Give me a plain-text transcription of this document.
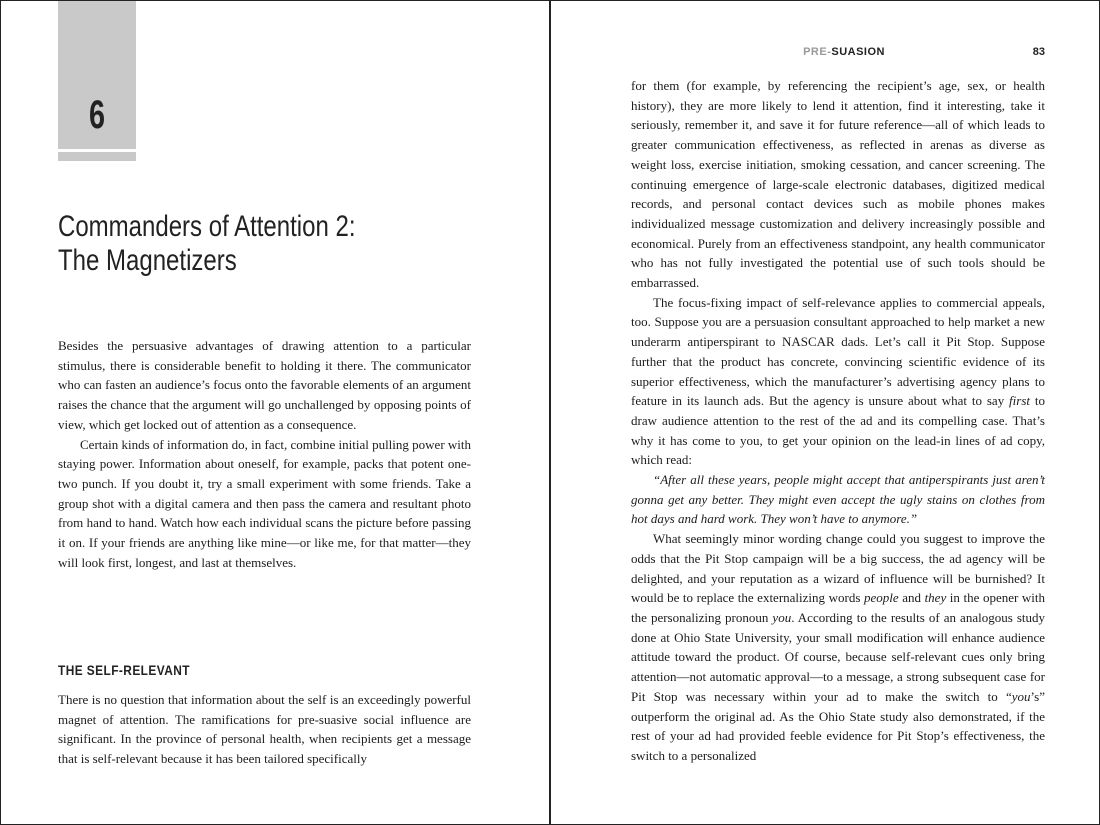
6
Commanders of Attention 2:
The Magnetizers

Besides the persuasive advantages of drawing attention to a particular stimulus, there is considerable benefit to holding it there. The communicator who can fasten an audience’s focus onto the favorable elements of an argument raises the chance that the argument will go unchallenged by opposing points of view, which get locked out of attention as a consequence.

Certain kinds of information do, in fact, combine initial pulling power with staying power. Information about oneself, for example, packs that potent one-two punch. If you doubt it, try a small experiment with some friends. Take a group shot with a digital camera and then pass the camera and resultant photo from hand to hand. Watch how each individual scans the picture before passing it on. If your friends are anything like mine—or like me, for that matter—they will look first, longest, and last at themselves.

THE SELF-RELEVANT

There is no question that information about the self is an exceedingly powerful magnet of attention. The ramifications for pre-suasive social influence are significant. In the province of personal health, when recipients get a message that is self-relevant because it has been tailored specifically

PRE-SUASION	83

for them (for example, by referencing the recipient’s age, sex, or health history), they are more likely to lend it attention, find it interesting, take it seriously, remember it, and save it for future reference—all of which leads to greater communication effectiveness, as reflected in arenas as diverse as weight loss, exercise initiation, smoking cessation, and cancer screening. The continuing emergence of large-scale electronic databases, digitized medical records, and personal contact devices such as mobile phones makes individualized message customization and delivery increasingly possible and economical. Purely from an effectiveness standpoint, any health communicator who has not fully investigated the potential use of such tools should be embarrassed.

The focus-fixing impact of self-relevance applies to commercial appeals, too. Suppose you are a persuasion consultant approached to help market a new underarm antiperspirant to NASCAR dads. Let’s call it Pit Stop. Suppose further that the product has concrete, convincing scientific evidence of its superior effectiveness, which the manufacturer’s advertising agency plans to feature in its launch ads. But the agency is unsure about what to say first to draw audience attention to the rest of the ad and its compelling case. That’s why it has come to you, to get your opinion on the lead-in lines of ad copy, which read:

“After all these years, people might accept that antiperspirants just aren’t gonna get any better. They might even accept the ugly stains on clothes from hot days and hard work. They won’t have to anymore.”

What seemingly minor wording change could you suggest to improve the odds that the Pit Stop campaign will be a big success, the ad agency will be delighted, and your reputation as a wizard of influence will be burnished? It would be to replace the externalizing words people and they in the opener with the personalizing pronoun you. According to the results of an analogous study done at Ohio State University, your small modification will enhance audience attitude toward the product. Of course, because self-relevant cues only bring attention—not automatic approval—to a message, a strong subsequent case for Pit Stop was necessary within your ad to make the switch to “you’s” outperform the original ad. As the Ohio State study also demonstrated, if the rest of your ad had provided feeble evidence for Pit Stop’s effectiveness, the switch to a personalized
